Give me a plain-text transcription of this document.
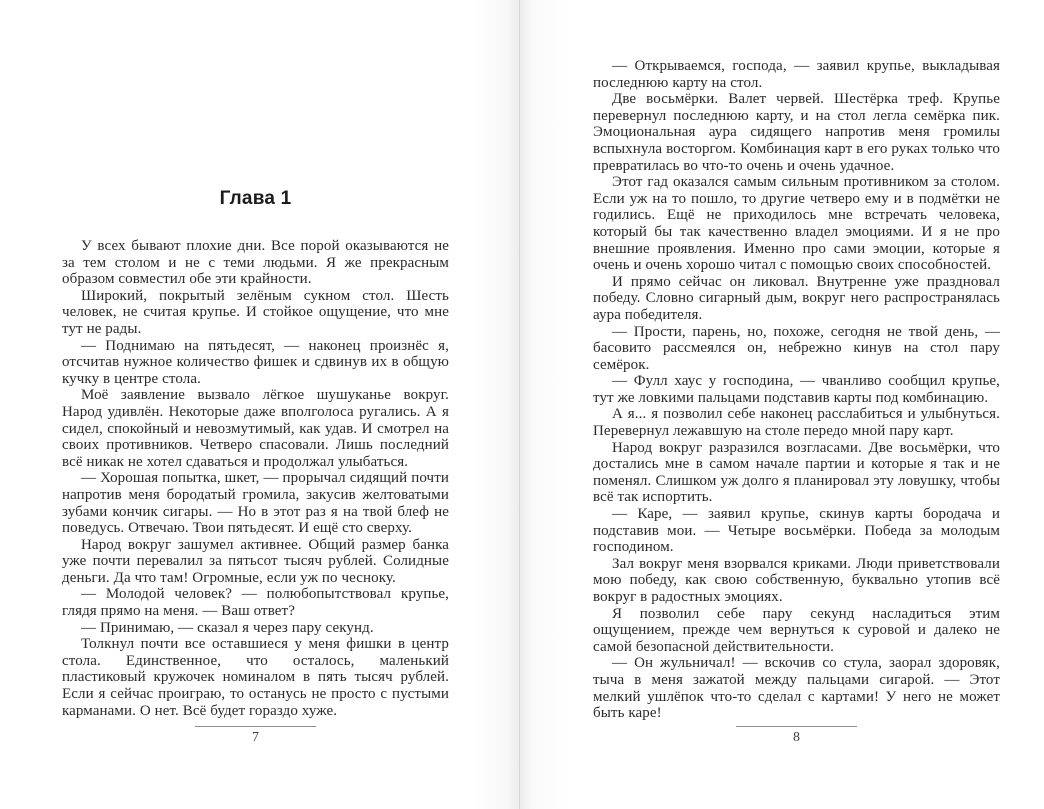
Глава 1

У всех бывают плохие дни. Все порой оказываются не за тем столом и не с теми людьми. Я же прекрасным образом совместил обе эти крайности.

Широкий, покрытый зелёным сукном стол. Шесть человек, не считая крупье. И стойкое ощущение, что мне тут не рады.

— Поднимаю на пятьдесят, — наконец произнёс я, отсчитав нужное количество фишек и сдвинув их в общую кучку в центре стола.

Моё заявление вызвало лёгкое шушуканье вокруг. Народ удивлён. Некоторые даже вполголоса ругались. А я сидел, спокойный и невозмутимый, как удав. И смотрел на своих противников. Четверо спасовали. Лишь последний всё никак не хотел сдаваться и продолжал улыбаться.

— Хорошая попытка, шкет, — прорычал сидящий почти напротив меня бородатый громила, закусив желтоватыми зубами кончик сигары. — Но в этот раз я на твой блеф не поведусь. Отвечаю. Твои пятьдесят. И ещё сто сверху.

Народ вокруг зашумел активнее. Общий размер банка уже почти перевалил за пятьсот тысяч рублей. Солидные деньги. Да что там! Огромные, если уж по чесноку.

— Молодой человек? — полюбопытствовал крупье, глядя прямо на меня. — Ваш ответ?

— Принимаю, — сказал я через пару секунд.

Толкнул почти все оставшиеся у меня фишки в центр стола. Единственное, что осталось, маленький пластиковый кружочек номиналом в пять тысяч рублей. Если я сейчас проиграю, то останусь не просто с пустыми карманами. О нет. Всё будет гораздо хуже.

7

— Открываемся, господа, — заявил крупье, выкладывая последнюю карту на стол.

Две восьмёрки. Валет червей. Шестёрка треф. Крупье перевернул последнюю карту, и на стол легла семёрка пик. Эмоциональная аура сидящего напротив меня громилы вспыхнула восторгом. Комбинация карт в его руках только что превратилась во что-то очень и очень удачное.

Этот гад оказался самым сильным противником за столом. Если уж на то пошло, то другие четверо ему и в подмётки не годились. Ещё не приходилось мне встречать человека, который бы так качественно владел эмоциями. И я не про внешние проявления. Именно про сами эмоции, которые я очень и очень хорошо читал с помощью своих способностей.

И прямо сейчас он ликовал. Внутренне уже праздновал победу. Словно сигарный дым, вокруг него распространялась аура победителя.

— Прости, парень, но, похоже, сегодня не твой день, — басовито рассмеялся он, небрежно кинув на стол пару семёрок.

— Фулл хаус у господина, — чванливо сообщил крупье, тут же ловкими пальцами подставив карты под комбинацию.

А я... я позволил себе наконец расслабиться и улыбнуться. Перевернул лежавшую на столе передо мной пару карт.

Народ вокруг разразился возгласами. Две восьмёрки, что достались мне в самом начале партии и которые я так и не поменял. Слишком уж долго я планировал эту ловушку, чтобы всё так испортить.

— Каре, — заявил крупье, скинув карты бородача и подставив мои. — Четыре восьмёрки. Победа за молодым господином.

Зал вокруг меня взорвался криками. Люди приветствовали мою победу, как свою собственную, буквально утопив всё вокруг в радостных эмоциях.

Я позволил себе пару секунд насладиться этим ощущением, прежде чем вернуться к суровой и далеко не самой безопасной действительности.

— Он жульничал! — вскочив со стула, заорал здоровяк, тыча в меня зажатой между пальцами сигарой. — Этот мелкий ушлёпок что-то сделал с картами! У него не может быть каре!

8
